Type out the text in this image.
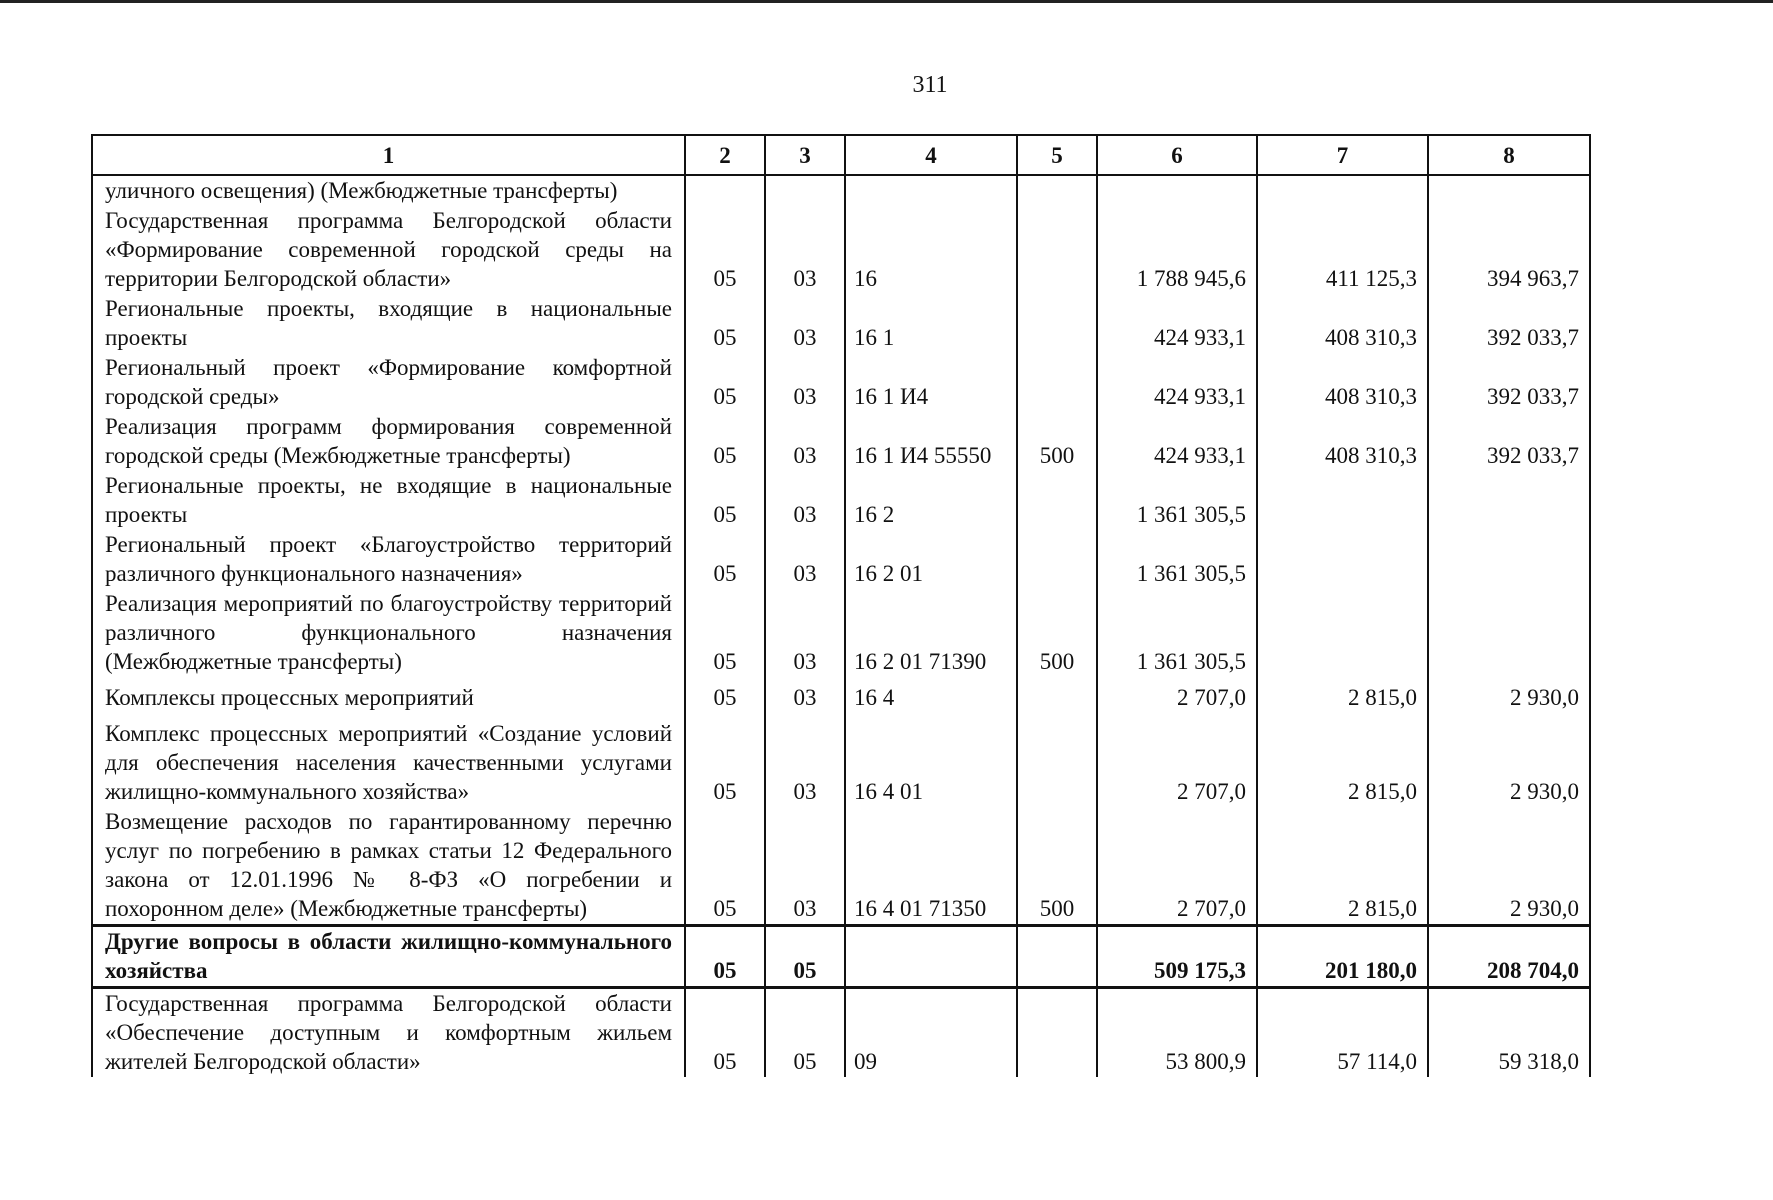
311
1	2	3	4	5	6	7	8
уличного освещения) (Межбюджетные трансферты)							
Государственная программа Белгородской области «Формирование современной городской среды на территории Белгородской области»	05	03	16		1 788 945,6	411 125,3	394 963,7
Региональные проекты, входящие в национальные проекты	05	03	16 1		424 933,1	408 310,3	392 033,7
Региональный проект «Формирование комфортной городской среды»	05	03	16 1 И4		424 933,1	408 310,3	392 033,7
Реализация программ формирования современной городской среды (Межбюджетные трансферты)	05	03	16 1 И4 55550	500	424 933,1	408 310,3	392 033,7
Региональные проекты, не входящие в национальные проекты	05	03	16 2		1 361 305,5		
Региональный проект «Благоустройство территорий различного функционального назначения»	05	03	16 2 01		1 361 305,5		
Реализация мероприятий по благоустройству территорий различного функционального назначения (Межбюджетные трансферты)	05	03	16 2 01 71390	500	1 361 305,5		
Комплексы процессных мероприятий	05	03	16 4		2 707,0	2 815,0	2 930,0
Комплекс процессных мероприятий «Создание условий для обеспечения населения качественными услугами жилищно-коммунального хозяйства»	05	03	16 4 01		2 707,0	2 815,0	2 930,0
Возмещение расходов по гарантированному перечню услуг по погребению в рамках статьи 12 Федерального закона от 12.01.1996 № 8-ФЗ «О погребении и похоронном деле» (Межбюджетные трансферты)	05	03	16 4 01 71350	500	2 707,0	2 815,0	2 930,0
Другие вопросы в области жилищно-коммунального хозяйства	05	05			509 175,3	201 180,0	208 704,0
Государственная программа Белгородской области «Обеспечение доступным и комфортным жильем жителей Белгородской области»	05	05	09		53 800,9	57 114,0	59 318,0
